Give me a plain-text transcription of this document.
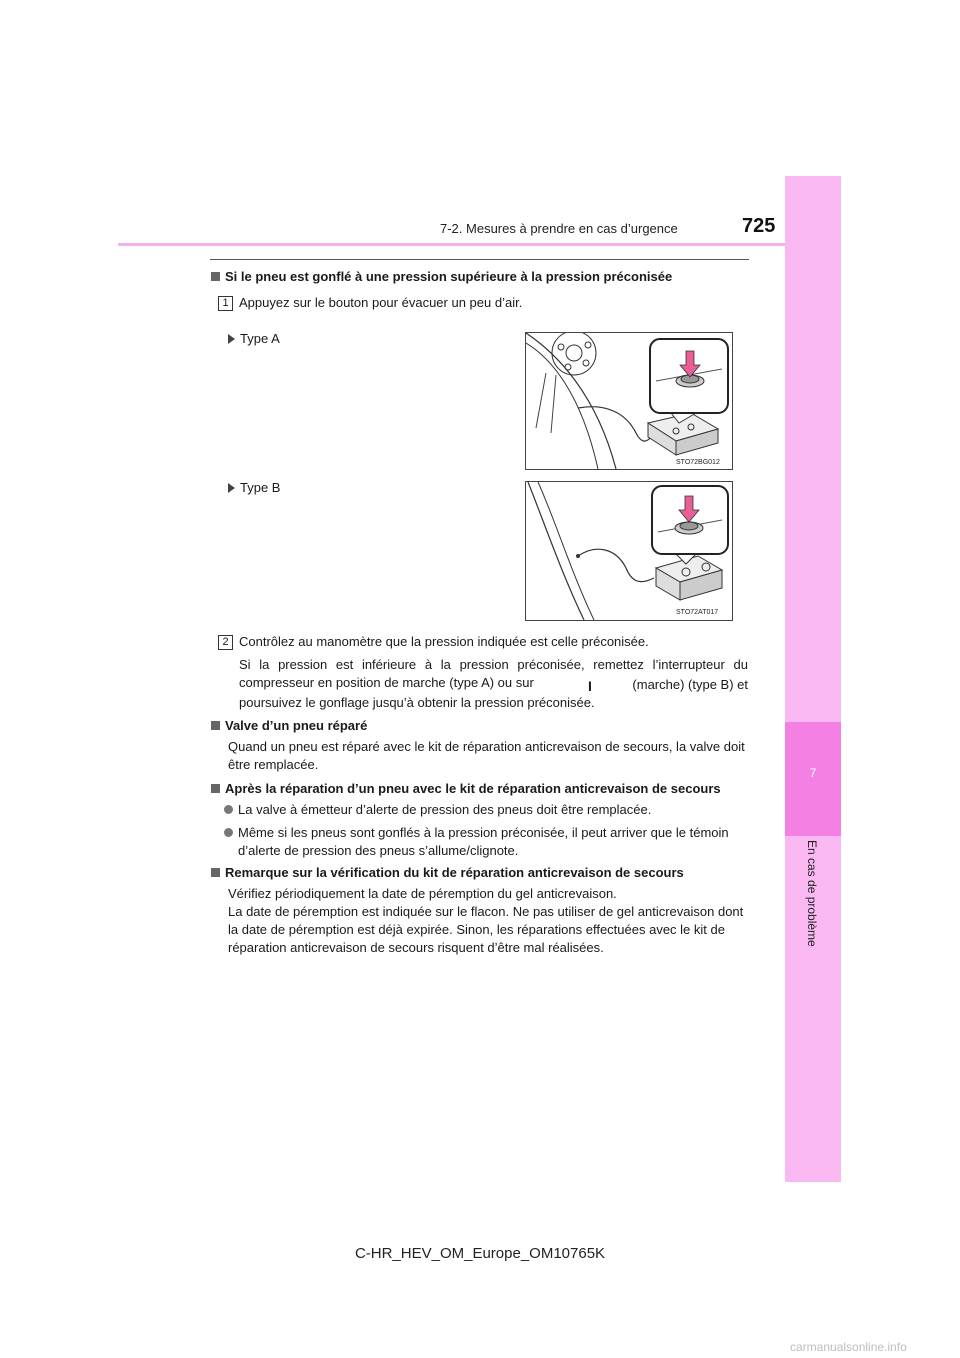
7
En cas de problème
7-2. Mesures à prendre en cas d’urgence	725
Si le pneu est gonflé à une pression supérieure à la pression préconisée
1 Appuyez sur le bouton pour évacuer un peu d’air.
Type A
STO72BG012
Type B
STO72AT017
2 Contrôlez au manomètre que la pression indiquée est celle préconisée.
Si la pression est inférieure à la pression préconisée, remettez l’interrupteur du compresseur en position de marche (type A) ou sur	I	(marche) (type B) et
poursuivez le gonflage jusqu’à obtenir la pression préconisée.
Valve d’un pneu réparé
Quand un pneu est réparé avec le kit de réparation anticrevaison de secours, la valve doit être remplacée.
Après la réparation d’un pneu avec le kit de réparation anticrevaison de secours
La valve à émetteur d’alerte de pression des pneus doit être remplacée.
Même si les pneus sont gonflés à la pression préconisée, il peut arriver que le témoin d’alerte de pression des pneus s’allume/clignote.
Remarque sur la vérification du kit de réparation anticrevaison de secours
Vérifiez périodiquement la date de péremption du gel anticrevaison.
La date de péremption est indiquée sur le flacon. Ne pas utiliser de gel anticrevaison dont la date de péremption est déjà expirée. Sinon, les réparations effectuées avec le kit de réparation anticrevaison de secours risquent d’être mal réalisées.
C-HR_HEV_OM_Europe_OM10765K
carmanualsonline.info
